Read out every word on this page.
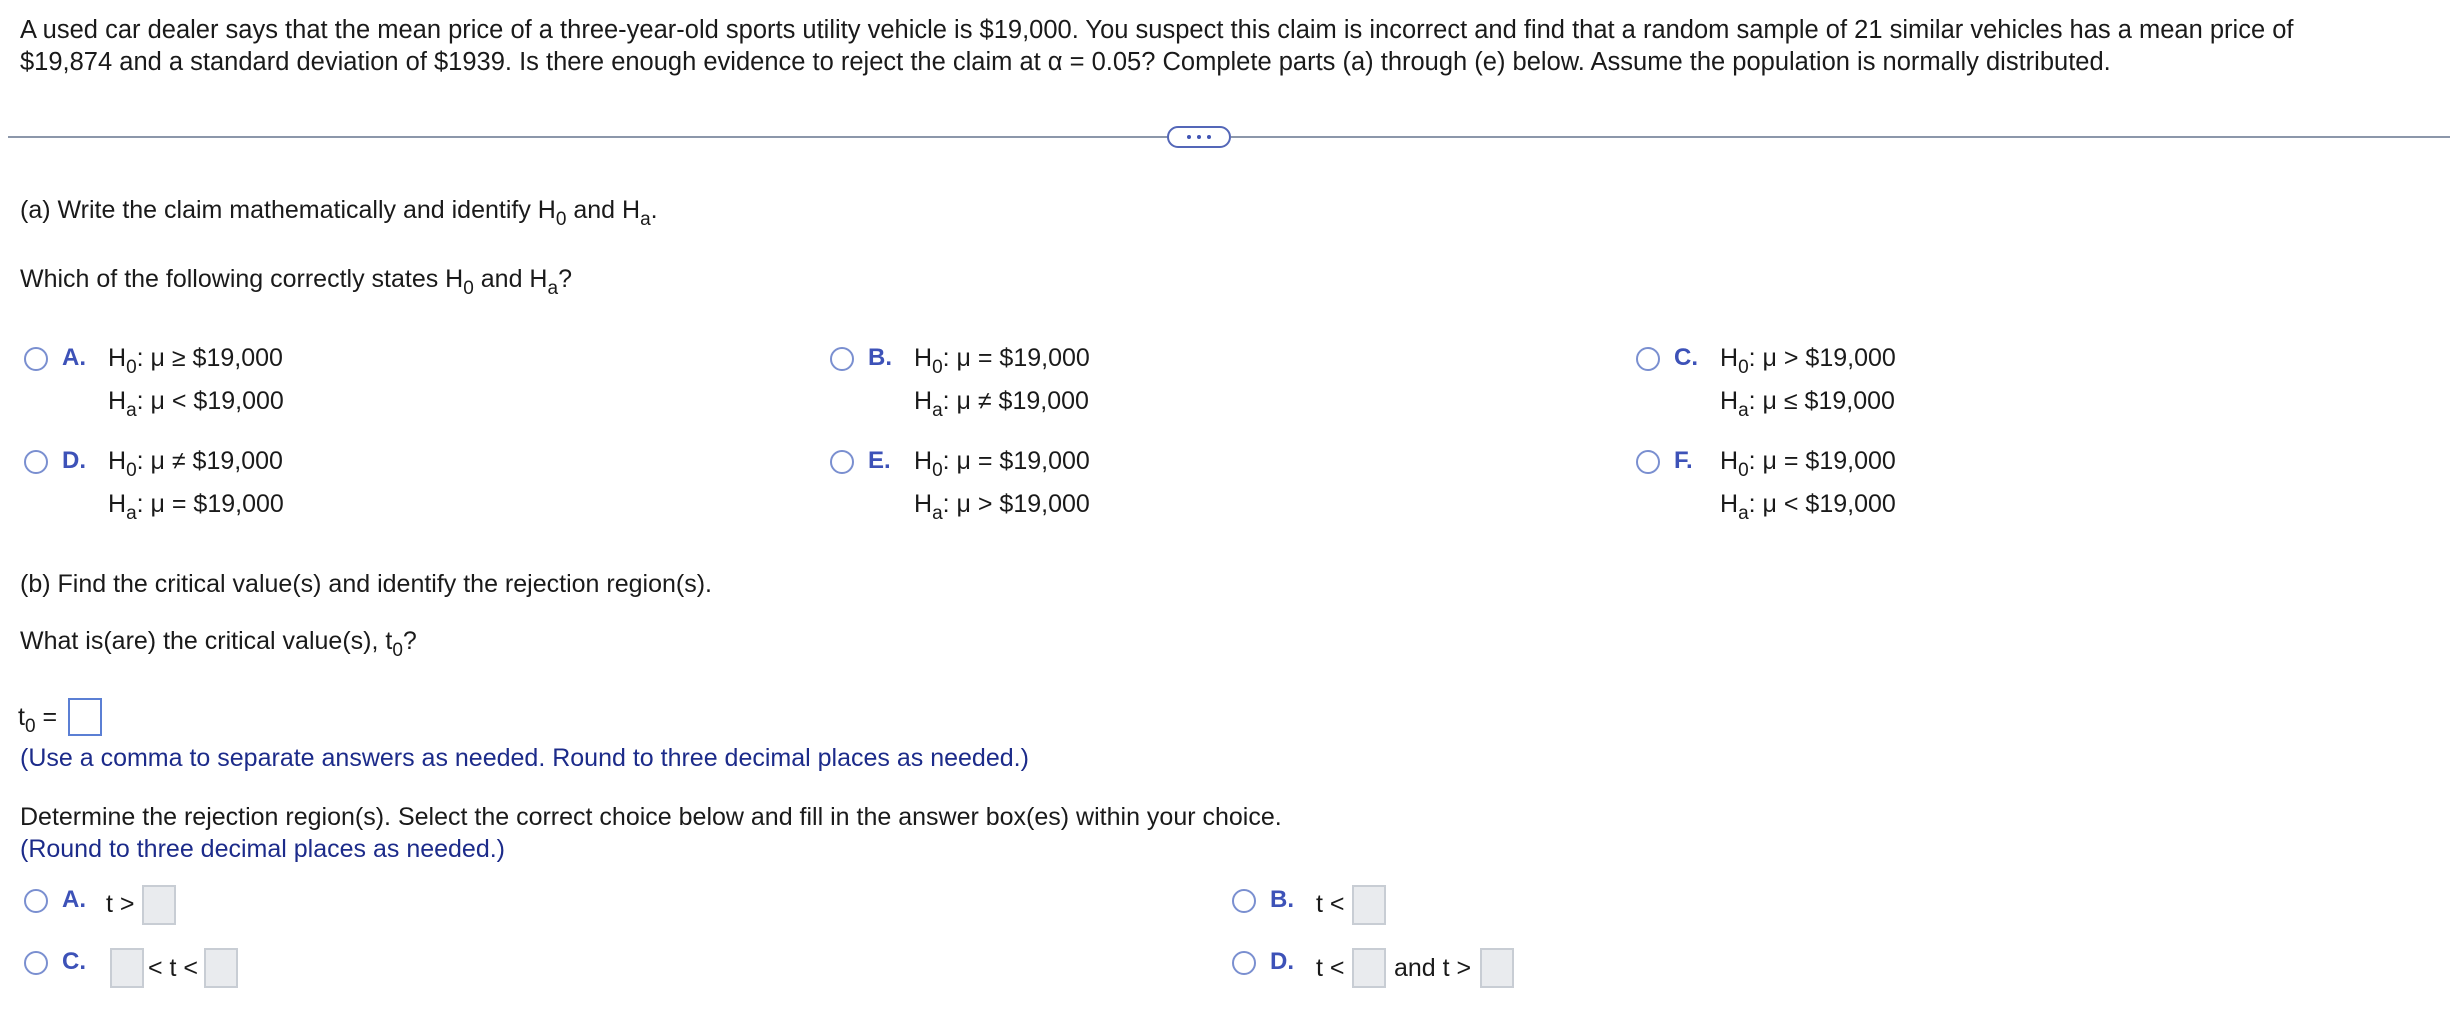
A used car dealer says that the mean price of a three-year-old sports utility vehicle is $19,000. You suspect this claim is incorrect and find that a random sample of 21 similar vehicles has a mean price of
$19,874 and a standard deviation of $1939. Is there enough evidence to reject the claim at α = 0.05? Complete parts (a) through (e) below. Assume the population is normally distributed.
(a) Write the claim mathematically and identify $H_0$ and $H_a$.
Which of the following correctly states $H_0$ and $H_a$?
A. $H_0$: μ ≥ $19,000
$H_a$: μ < $19,000
B. $H_0$: μ = $19,000
$H_a$: μ ≠ $19,000
C. $H_0$: μ > $19,000
$H_a$: μ ≤ $19,000
D. $H_0$: μ ≠ $19,000
$H_a$: μ = $19,000
E. $H_0$: μ = $19,000
$H_a$: μ > $19,000
F. $H_0$: μ = $19,000
$H_a$: μ < $19,000
(b) Find the critical value(s) and identify the rejection region(s).
What is(are) the critical value(s), $t_0$?
$t_0$ =
(Use a comma to separate answers as needed. Round to three decimal places as needed.)
Determine the rejection region(s). Select the correct choice below and fill in the answer box(es) within your choice.
(Round to three decimal places as needed.)
A. t >	B. t <
C. < t <	D. t < and t >
